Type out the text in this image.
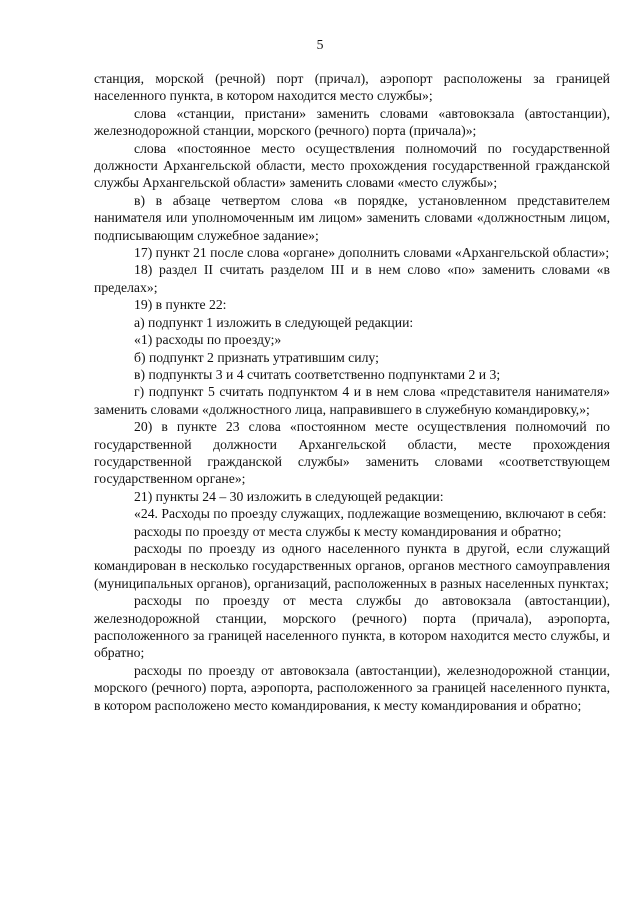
5

станция, морской (речной) порт (причал), аэропорт расположены за границей населенного пункта, в котором находится место службы»;

слова «станции, пристани» заменить словами «автовокзала (автостанции), железнодорожной станции, морского (речного) порта (причала)»;

слова «постоянное место осуществления полномочий по государственной должности Архангельской области, место прохождения государственной гражданской службы Архангельской области» заменить словами «место службы»;

в) в абзаце четвертом слова «в порядке, установленном представителем нанимателя или уполномоченным им лицом» заменить словами «должностным лицом, подписывающим служебное задание»;

17) пункт 21 после слова «органе» дополнить словами «Архангельской области»;

18) раздел II считать разделом III и в нем слово «по» заменить словами «в пределах»;

19) в пункте 22:

а) подпункт 1 изложить в следующей редакции:

«1) расходы по проезду;»

б) подпункт 2 признать утратившим силу;

в) подпункты 3 и 4 считать соответственно подпунктами 2 и 3;

г) подпункт 5 считать подпунктом 4 и в нем слова «представителя нанимателя» заменить словами «должностного лица, направившего в служебную командировку,»;

20) в пункте 23 слова «постоянном месте осуществления полномочий по государственной должности Архангельской области, месте прохождения государственной гражданской службы» заменить словами «соответствующем государственном органе»;

21) пункты 24 – 30 изложить в следующей редакции:

«24. Расходы по проезду служащих, подлежащие возмещению, включают в себя:

расходы по проезду от места службы к месту командирования и обратно;

расходы по проезду из одного населенного пункта в другой, если служащий командирован в несколько государственных органов, органов местного самоуправления (муниципальных органов), организаций, расположенных в разных населенных пунктах;

расходы по проезду от места службы до автовокзала (автостанции), железнодорожной станции, морского (речного) порта (причала), аэропорта, расположенного за границей населенного пункта, в котором находится место службы, и обратно;

расходы по проезду от автовокзала (автостанции), железнодорожной станции, морского (речного) порта, аэропорта, расположенного за границей населенного пункта, в котором расположено место командирования, к месту командирования и обратно;
